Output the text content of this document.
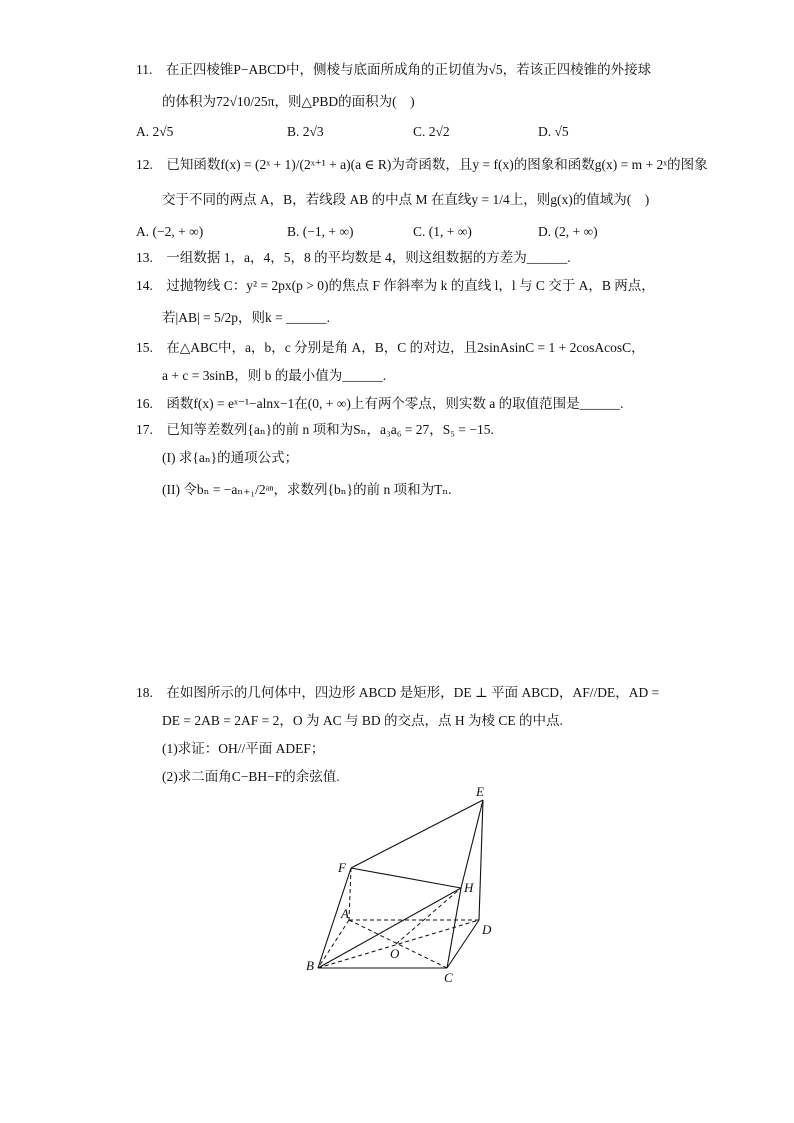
11.　在正四棱锥P−ABCD中，侧棱与底面所成角的正切值为√5，若该正四棱锥的外接球
的体积为72√10/25π，则△PBD的面积为(　)
A. 2√5	B. 2√3	C. 2√2	D. √5
12.　已知函数f(x) = (2ˣ + 1)/(2ˣ⁺¹ + a)(a ∈ R)为奇函数，且y = f(x)的图象和函数g(x) = m + 2ˣ的图象
交于不同的两点 A，B，若线段 AB 的中点 M 在直线y = 1/4上，则g(x)的值域为(　)
A. (−2, + ∞)	B. (−1, + ∞)	C. (1, + ∞)	D. (2, + ∞)
13.　一组数据 1，a，4，5，8 的平均数是 4，则这组数据的方差为______.
14.　过抛物线 C：y² = 2px(p > 0)的焦点 F 作斜率为 k 的直线 l，l 与 C 交于 A，B 两点，
若|AB| = 5/2p，则k = ______.
15.　在△ABC中，a，b，c 分别是角 A，B，C 的对边，且2sinAsinC = 1 + 2cosAcosC，
a + c = 3sinB，则 b 的最小值为______.
16.　函数f(x) = eˣ⁻¹−alnx−1在(0, + ∞)上有两个零点，则实数 a 的取值范围是______.
17.　已知等差数列{aₙ}的前 n 项和为Sₙ，a₃a₆ = 27，S₅ = −15.
(I) 求{aₙ}的通项公式；
(II) 令bₙ = −aₙ₊₁/2ᵃⁿ，求数列{bₙ}的前 n 项和为Tₙ.
18.　在如图所示的几何体中，四边形 ABCD 是矩形，DE ⊥ 平面 ABCD，AF//DE，AD =
DE = 2AB = 2AF = 2，O 为 AC 与 BD 的交点，点 H 为棱 CE 的中点.
(1)求证：OH//平面 ADEF；
(2)求二面角C−BH−F的余弦值.
E
F
H
A
D
O
B
C
